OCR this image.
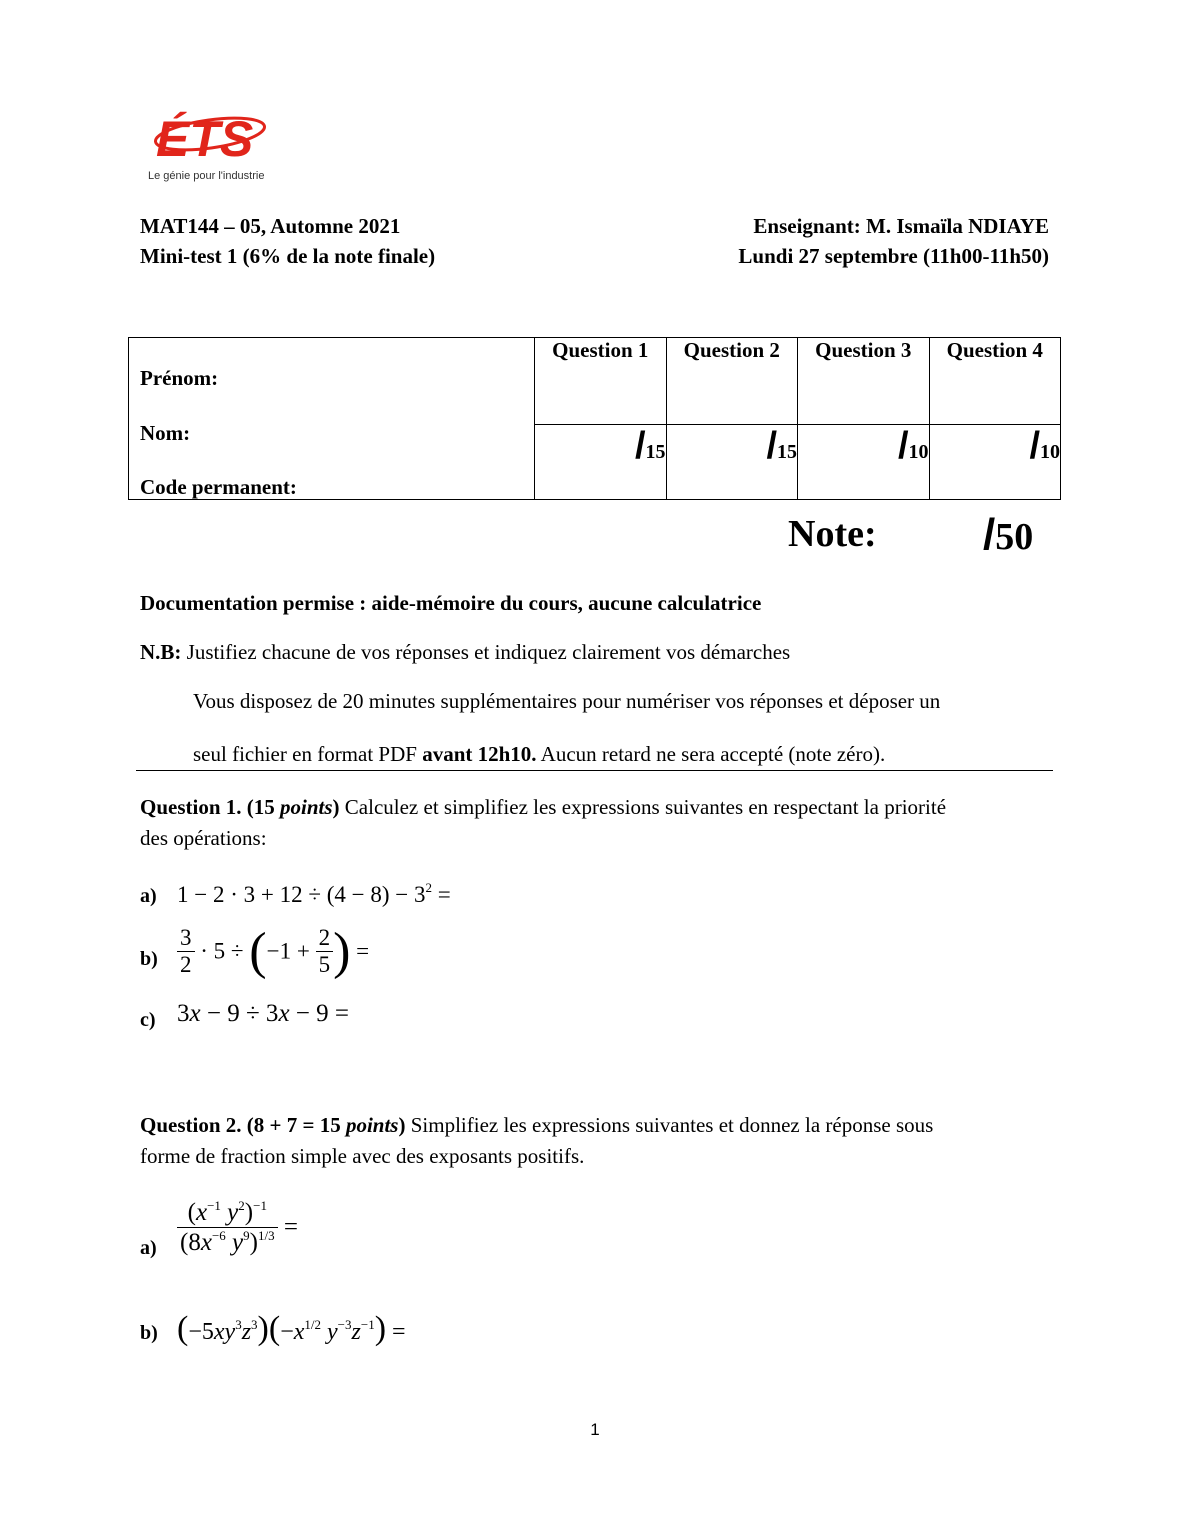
ÉTS
Le génie pour l'industrie
MAT144 – 05, Automne 2021
Mini-test 1 (6% de la note finale)
Enseignant: M. Ismaïla NDIAYE
Lundi 27 septembre (11h00-11h50)
Prénom:
Nom:
Code permanent:	Question 1	Question 2	Question 3	Question 4
	/15	/15	/10	/10
Note: /50
Documentation permise : aide-mémoire du cours, aucune calculatrice
N.B: Justifiez chacune de vos réponses et indiquez clairement vos démarches
Vous disposez de 20 minutes supplémentaires pour numériser vos réponses et déposer un
seul fichier en format PDF avant 12h10. Aucun retard ne sera accepté (note zéro).
Question 1. (15 points) Calculez et simplifiez les expressions suivantes en respectant la priorité
des opérations:
a) $1 - 2 \cdot 3 + 12 \div (4 - 8) - 3^2$ =
$b) \frac{3}{2} \cdot 5 \div (-1 + \frac{2}{5}$ ) =
c) 3x − 9 ÷ 3x − 9 =
Question 2. (8 + 7 = 15 points) Simplifiez les expressions suivantes et donnez la réponse sous
forme de fraction simple avec des exposants positifs.
$a) \frac{(x^{-1} y^2)^{-1}}{(8x^{-6} y^9)^{1/3}}$ =
b) $(-5xy^3z^3)(-x^{1/2}$ $y^{-3}z^{-1}$) =
1
